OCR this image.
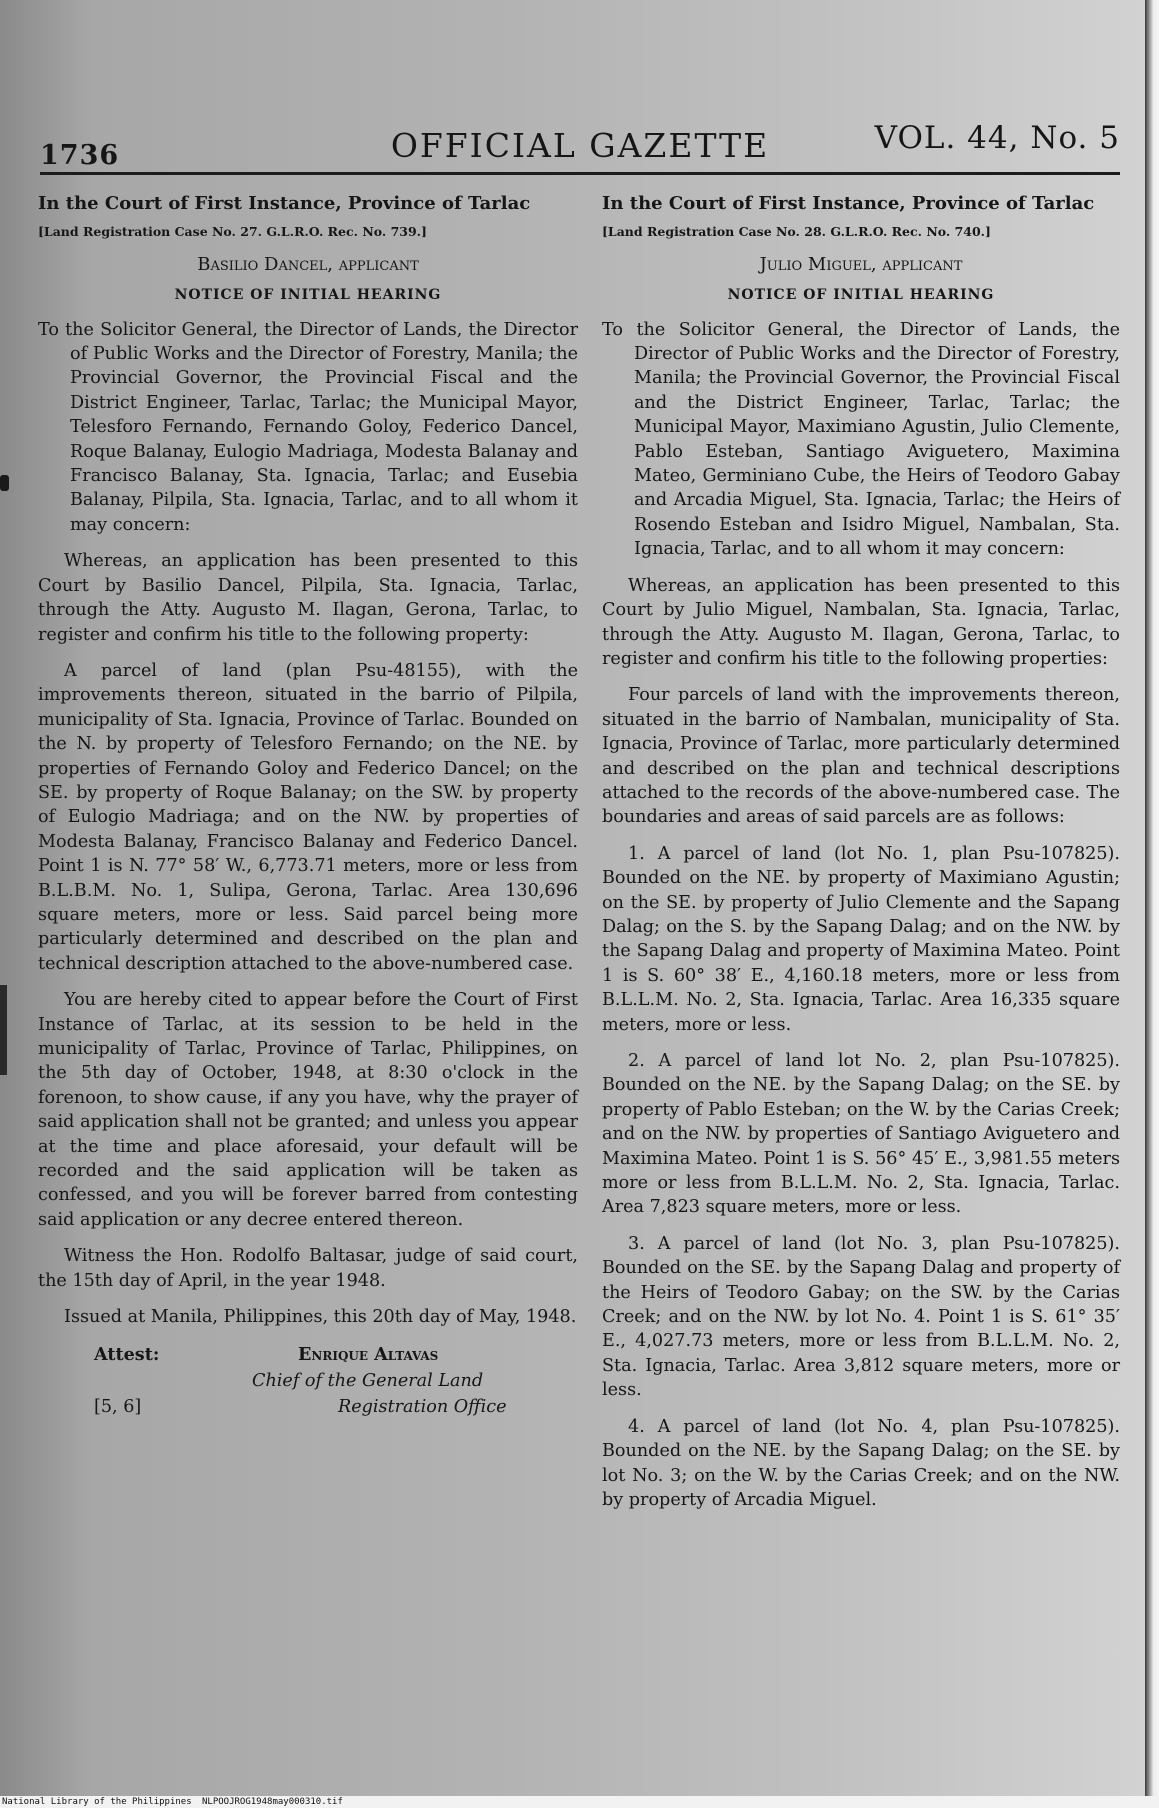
1736	OFFICIAL GAZETTE	VOL. 44, No. 5

In the Court of First Instance, Province of Tarlac

[Land Registration Case No. 27. G.L.R.O. Rec. No. 739.]

Basilio Dancel, applicant

NOTICE OF INITIAL HEARING

To the Solicitor General, the Director of Lands, the Director of Public Works and the Director of Forestry, Manila; the Provincial Governor, the Provincial Fiscal and the District Engineer, Tarlac, Tarlac; the Municipal Mayor, Telesforo Fernando, Fernando Goloy, Federico Dancel, Roque Balanay, Eulogio Madriaga, Modesta Balanay and Francisco Balanay, Sta. Ignacia, Tarlac; and Eusebia Balanay, Pilpila, Sta. Ignacia, Tarlac, and to all whom it may concern:

Whereas, an application has been presented to this Court by Basilio Dancel, Pilpila, Sta. Ignacia, Tarlac, through the Atty. Augusto M. Ilagan, Gerona, Tarlac, to register and confirm his title to the following property:

A parcel of land (plan Psu-48155), with the improvements thereon, situated in the barrio of Pilpila, municipality of Sta. Ignacia, Province of Tarlac. Bounded on the N. by property of Telesforo Fernando; on the NE. by properties of Fernando Goloy and Federico Dancel; on the SE. by property of Roque Balanay; on the SW. by property of Eulogio Madriaga; and on the NW. by properties of Modesta Balanay, Francisco Balanay and Federico Dancel. Point 1 is N. 77° 58′ W., 6,773.71 meters, more or less from B.L.B.M. No. 1, Sulipa, Gerona, Tarlac. Area 130,696 square meters, more or less. Said parcel being more particularly determined and described on the plan and technical description attached to the above-numbered case.

You are hereby cited to appear before the Court of First Instance of Tarlac, at its session to be held in the municipality of Tarlac, Province of Tarlac, Philippines, on the 5th day of October, 1948, at 8:30 o'clock in the forenoon, to show cause, if any you have, why the prayer of said application shall not be granted; and unless you appear at the time and place aforesaid, your default will be recorded and the said application will be taken as confessed, and you will be forever barred from contesting said application or any decree entered thereon.

Witness the Hon. Rodolfo Baltasar, judge of said court, the 15th day of April, in the year 1948.

Issued at Manila, Philippines, this 20th day of May, 1948.

Attest:	Enrique Altavas
Chief of the General Land
[5, 6]	Registration Office

In the Court of First Instance, Province of Tarlac

[Land Registration Case No. 28. G.L.R.O. Rec. No. 740.]

Julio Miguel, applicant

NOTICE OF INITIAL HEARING

To the Solicitor General, the Director of Lands, the Director of Public Works and the Director of Forestry, Manila; the Provincial Governor, the Provincial Fiscal and the District Engineer, Tarlac, Tarlac; the Municipal Mayor, Maximiano Agustin, Julio Clemente, Pablo Esteban, Santiago Aviguetero, Maximina Mateo, Germiniano Cube, the Heirs of Teodoro Gabay and Arcadia Miguel, Sta. Ignacia, Tarlac; the Heirs of Rosendo Esteban and Isidro Miguel, Nambalan, Sta. Ignacia, Tarlac, and to all whom it may concern:

Whereas, an application has been presented to this Court by Julio Miguel, Nambalan, Sta. Ignacia, Tarlac, through the Atty. Augusto M. Ilagan, Gerona, Tarlac, to register and confirm his title to the following properties:

Four parcels of land with the improvements thereon, situated in the barrio of Nambalan, municipality of Sta. Ignacia, Province of Tarlac, more particularly determined and described on the plan and technical descriptions attached to the records of the above-numbered case. The boundaries and areas of said parcels are as follows:

1. A parcel of land (lot No. 1, plan Psu-107825). Bounded on the NE. by property of Maximiano Agustin; on the SE. by property of Julio Clemente and the Sapang Dalag; on the S. by the Sapang Dalag; and on the NW. by the Sapang Dalag and property of Maximina Mateo. Point 1 is S. 60° 38′ E., 4,160.18 meters, more or less from B.L.L.M. No. 2, Sta. Ignacia, Tarlac. Area 16,335 square meters, more or less.

2. A parcel of land lot No. 2, plan Psu-107825). Bounded on the NE. by the Sapang Dalag; on the SE. by property of Pablo Esteban; on the W. by the Carias Creek; and on the NW. by properties of Santiago Aviguetero and Maximina Mateo. Point 1 is S. 56° 45′ E., 3,981.55 meters more or less from B.L.L.M. No. 2, Sta. Ignacia, Tarlac. Area 7,823 square meters, more or less.

3. A parcel of land (lot No. 3, plan Psu-107825). Bounded on the SE. by the Sapang Dalag and property of the Heirs of Teodoro Gabay; on the SW. by the Carias Creek; and on the NW. by lot No. 4. Point 1 is S. 61° 35′ E., 4,027.73 meters, more or less from B.L.L.M. No. 2, Sta. Ignacia, Tarlac. Area 3,812 square meters, more or less.

4. A parcel of land (lot No. 4, plan Psu-107825). Bounded on the NE. by the Sapang Dalag; on the SE. by lot No. 3; on the W. by the Carias Creek; and on the NW. by property of Arcadia Miguel.

National Library of the Philippines NLPOOJROG1948may000310.tif
